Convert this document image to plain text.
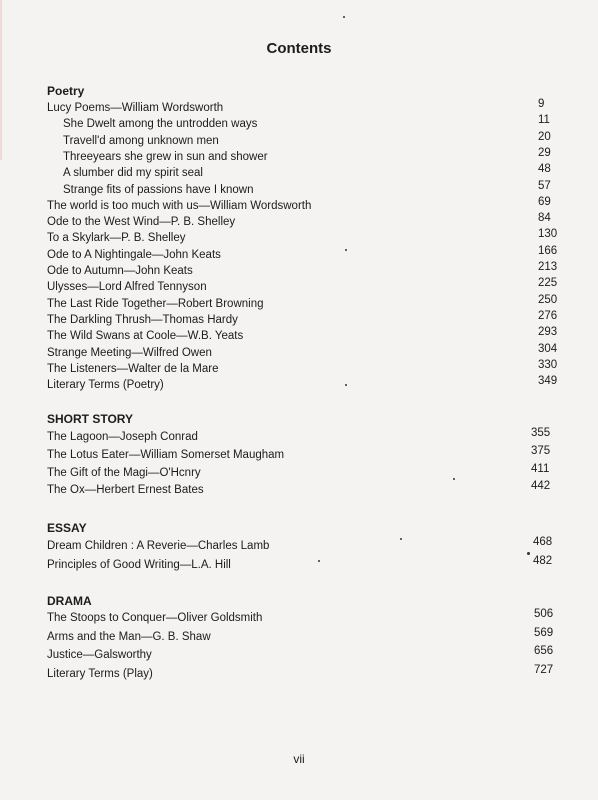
Contents
Poetry
Lucy Poems—William Wordsworth	9
She Dwelt among the untrodden ways	11
Travell'd among unknown men	20
Threeyears she grew in sun and shower	29
A slumber did my spirit seal	48
Strange fits of passions have I known	57
The world is too much with us—William Wordsworth	69
Ode to the West Wind—P. B. Shelley	84
To a Skylark—P. B. Shelley	130
Ode to A Nightingale—John Keats	166
Ode to Autumn—John Keats	213
Ulysses—Lord Alfred Tennyson	225
The Last Ride Together—Robert Browning	250
The Darkling Thrush—Thomas Hardy	276
The Wild Swans at Coole—W.B. Yeats	293
Strange Meeting—Wilfred Owen	304
The Listeners—Walter de la Mare	330
Literary Terms (Poetry)	349
SHORT STORY
The Lagoon—Joseph Conrad	355
The Lotus Eater—William Somerset Maugham	375
The Gift of the Magi—O'Hcnry	411
The Ox—Herbert Ernest Bates	442
ESSAY
Dream Children : A Reverie—Charles Lamb	468
Principles of Good Writing—L.A. Hill	482
DRAMA
The Stoops to Conquer—Oliver Goldsmith	506
Arms and the Man—G. B. Shaw	569
Justice—Galsworthy	656
Literary Terms (Play)	727
vii
